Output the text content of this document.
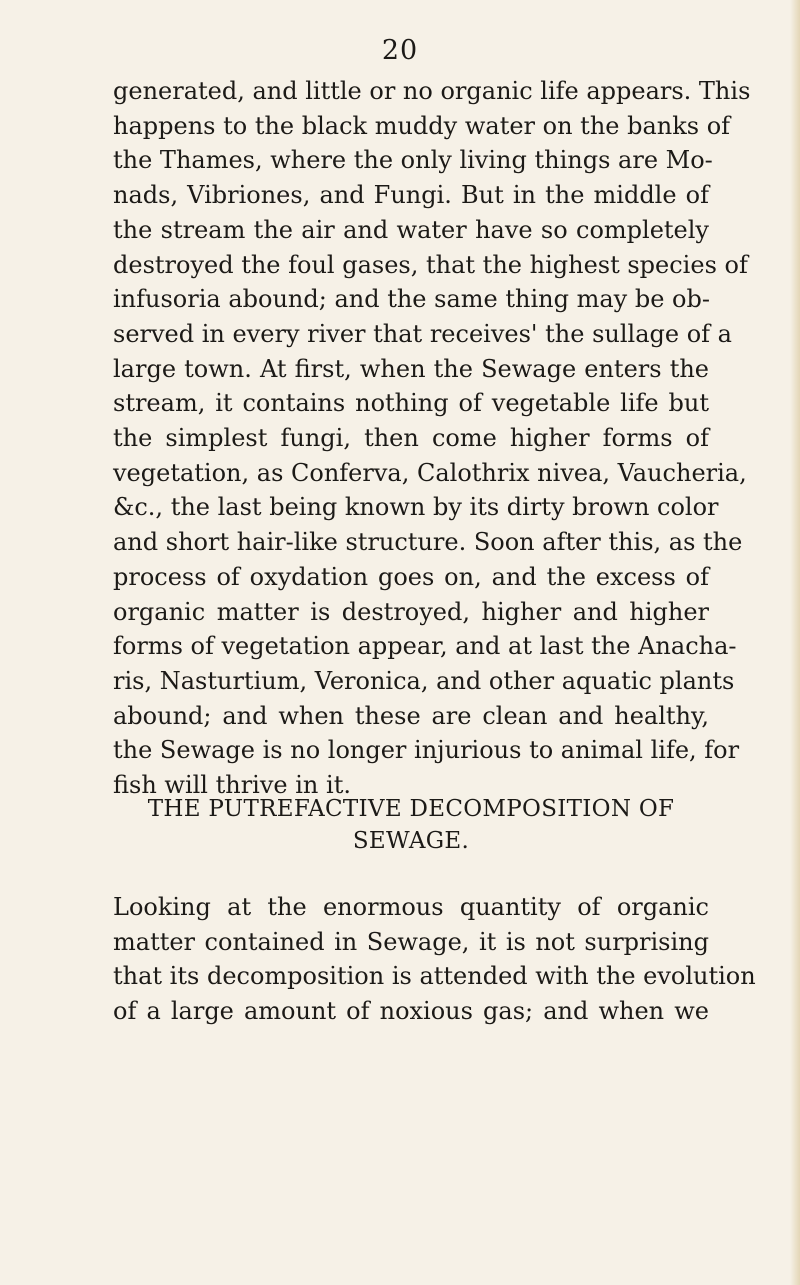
20
generated, and little or no organic life appears. This
happens to the black muddy water on the banks of
the Thames, where the only living things are Mo-
nads, Vibriones, and Fungi. But in the middle of
the stream the air and water have so completely
destroyed the foul gases, that the highest species of
infusoria abound; and the same thing may be ob-
served in every river that receives' the sullage of a
large town. At first, when the Sewage enters the
stream, it contains nothing of vegetable life but
the simplest fungi, then come higher forms of
vegetation, as Conferva, Calothrix nivea, Vaucheria,
&c., the last being known by its dirty brown color
and short hair-like structure. Soon after this, as the
process of oxydation goes on, and the excess of
organic matter is destroyed, higher and higher
forms of vegetation appear, and at last the Anacha-
ris, Nasturtium, Veronica, and other aquatic plants
abound; and when these are clean and healthy,
the Sewage is no longer injurious to animal life, for
fish will thrive in it.
THE PUTREFACTIVE DECOMPOSITION OF
SEWAGE.
Looking at the enormous quantity of organic
matter contained in Sewage, it is not surprising
that its decomposition is attended with the evolution
of a large amount of noxious gas; and when we
